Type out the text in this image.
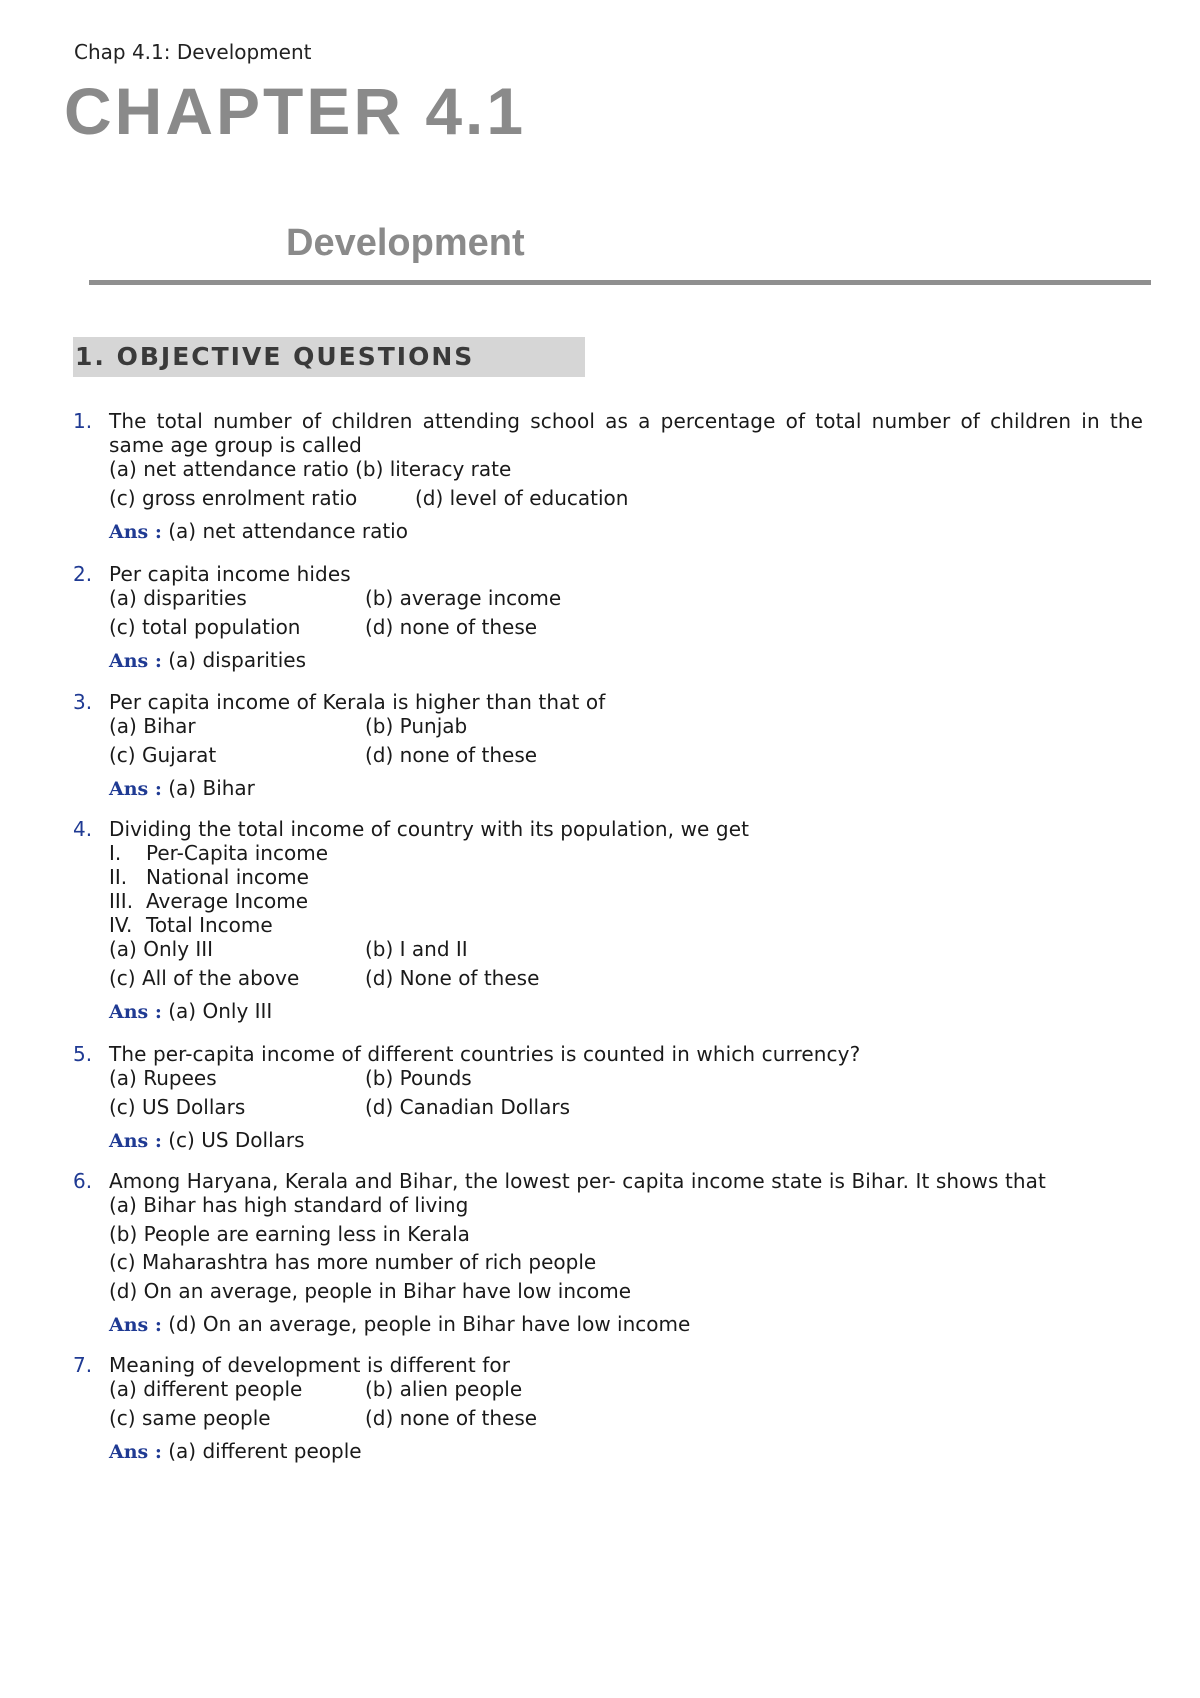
Chap 4.1: Development
CHAPTER 4.1
Development
1. OBJECTIVE QUESTIONS
1. The total number of children attending school as a percentage of total number of children in the same age group is called
(a) net attendance ratio (b) literacy rate
(c) gross enrolment ratio	(d) level of education
Ans : (a) net attendance ratio
2. Per capita income hides
(a) disparities	(b) average income
(c) total population	(d) none of these
Ans : (a) disparities
3. Per capita income of Kerala is higher than that of
(a) Bihar	(b) Punjab
(c) Gujarat	(d) none of these
Ans : (a) Bihar
4. Dividing the total income of country with its population, we get
I. Per-Capita income
II. National income
III. Average Income
IV. Total Income
(a) Only III	(b) I and II
(c) All of the above	(d) None of these
Ans : (a) Only III
5. The per-capita income of different countries is counted in which currency?
(a) Rupees	(b) Pounds
(c) US Dollars	(d) Canadian Dollars
Ans : (c) US Dollars
6. Among Haryana, Kerala and Bihar, the lowest per- capita income state is Bihar. It shows that
(a) Bihar has high standard of living
(b) People are earning less in Kerala
(c) Maharashtra has more number of rich people
(d) On an average, people in Bihar have low income
Ans : (d) On an average, people in Bihar have low income
7. Meaning of development is different for
(a) different people	(b) alien people
(c) same people	(d) none of these
Ans : (a) different people
